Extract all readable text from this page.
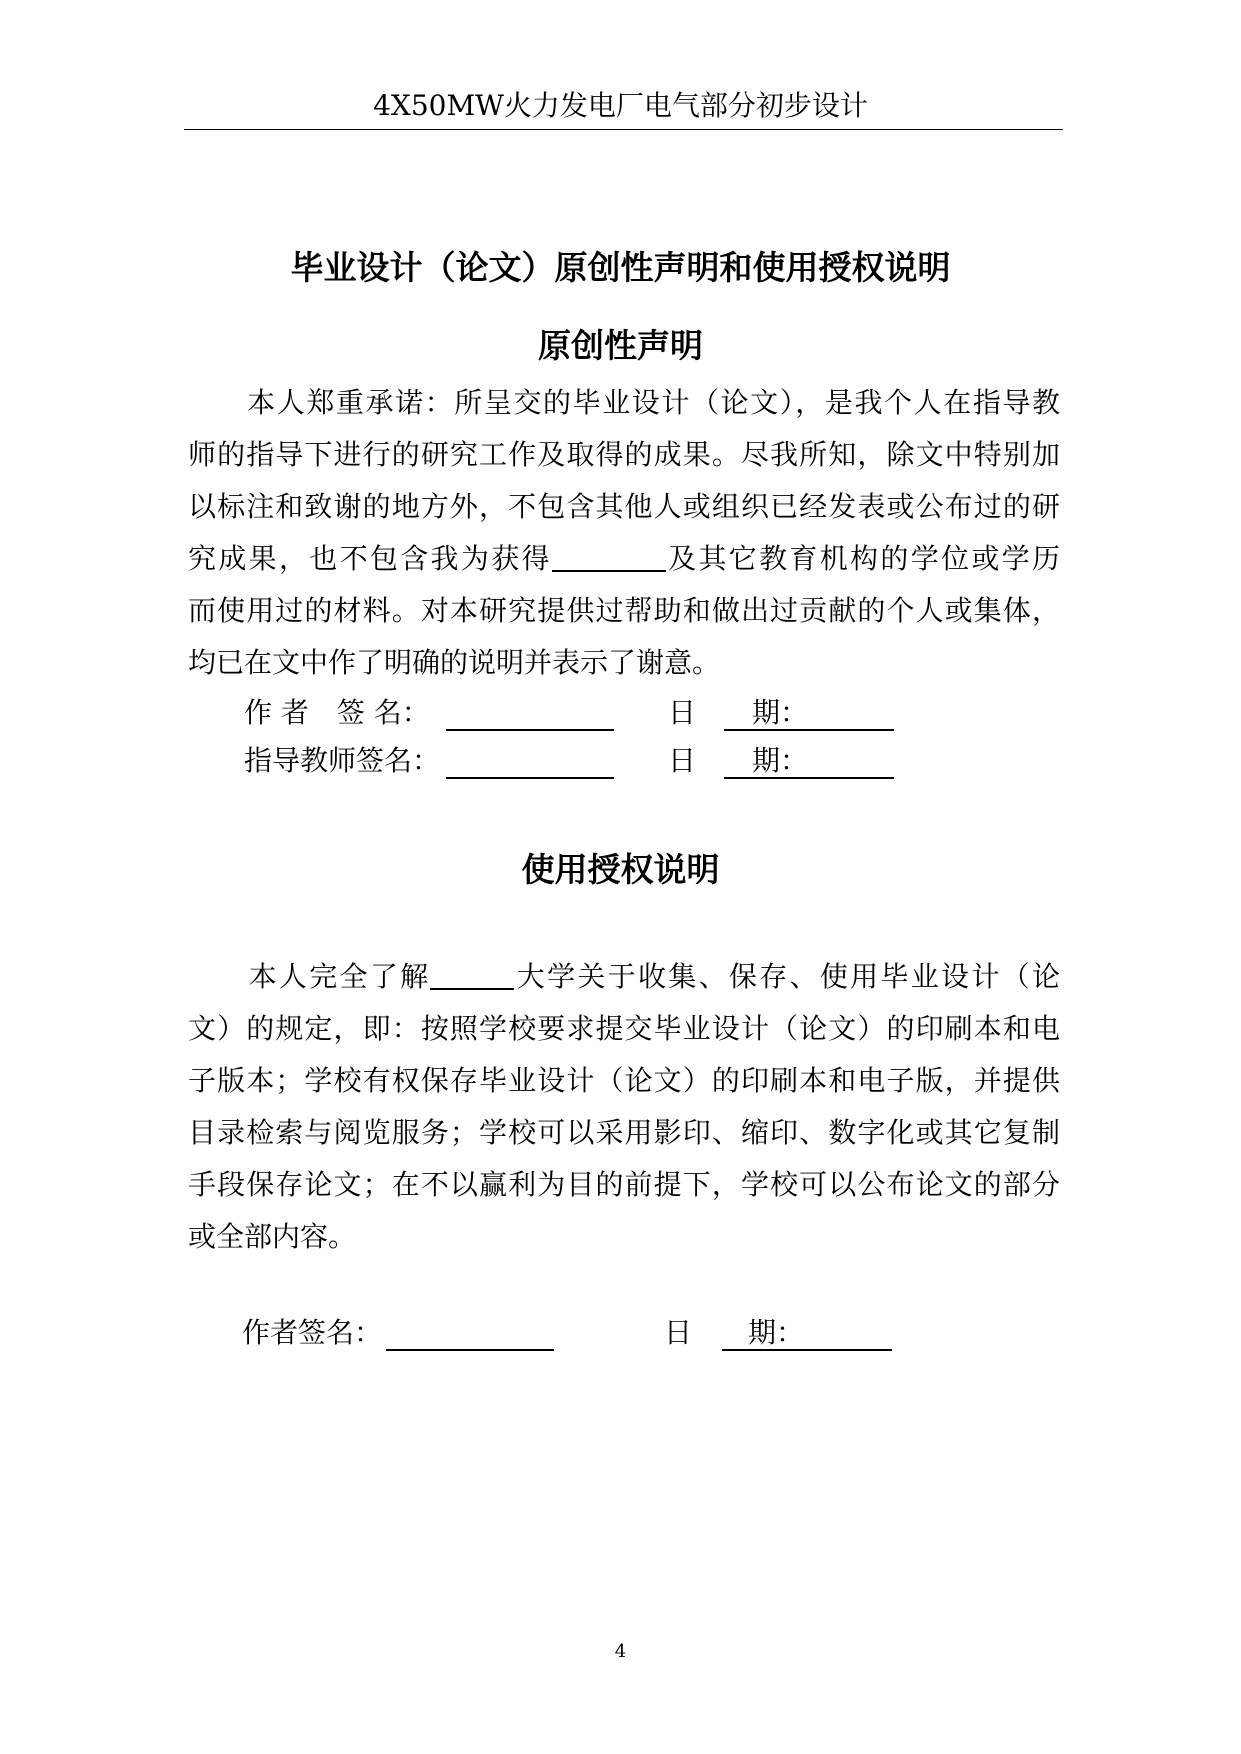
4X50MW火力发电厂电气部分初步设计
毕业设计（论文）原创性声明和使用授权说明
原创性声明
　　本人郑重承诺：所呈交的毕业设计（论文），是我个人在指导教
师的指导下进行的研究工作及取得的成果。尽我所知，除文中特别加
以标注和致谢的地方外，不包含其他人或组织已经发表或公布过的研
究成果，也不包含我为获得	及其它教育机构的学位或学历
而使用过的材料。对本研究提供过帮助和做出过贡献的个人或集体，
均已在文中作了明确的说明并表示了谢意。
作 者　签 名：	日　　期：
指导教师签名：	日　　期：
使用授权说明
　　本人完全了解	大学关于收集、保存、使用毕业设计（论
文）的规定，即：按照学校要求提交毕业设计（论文）的印刷本和电
子版本；学校有权保存毕业设计（论文）的印刷本和电子版，并提供
目录检索与阅览服务；学校可以采用影印、缩印、数字化或其它复制
手段保存论文；在不以赢利为目的前提下，学校可以公布论文的部分
或全部内容。
作者签名：	日　　期：
4
